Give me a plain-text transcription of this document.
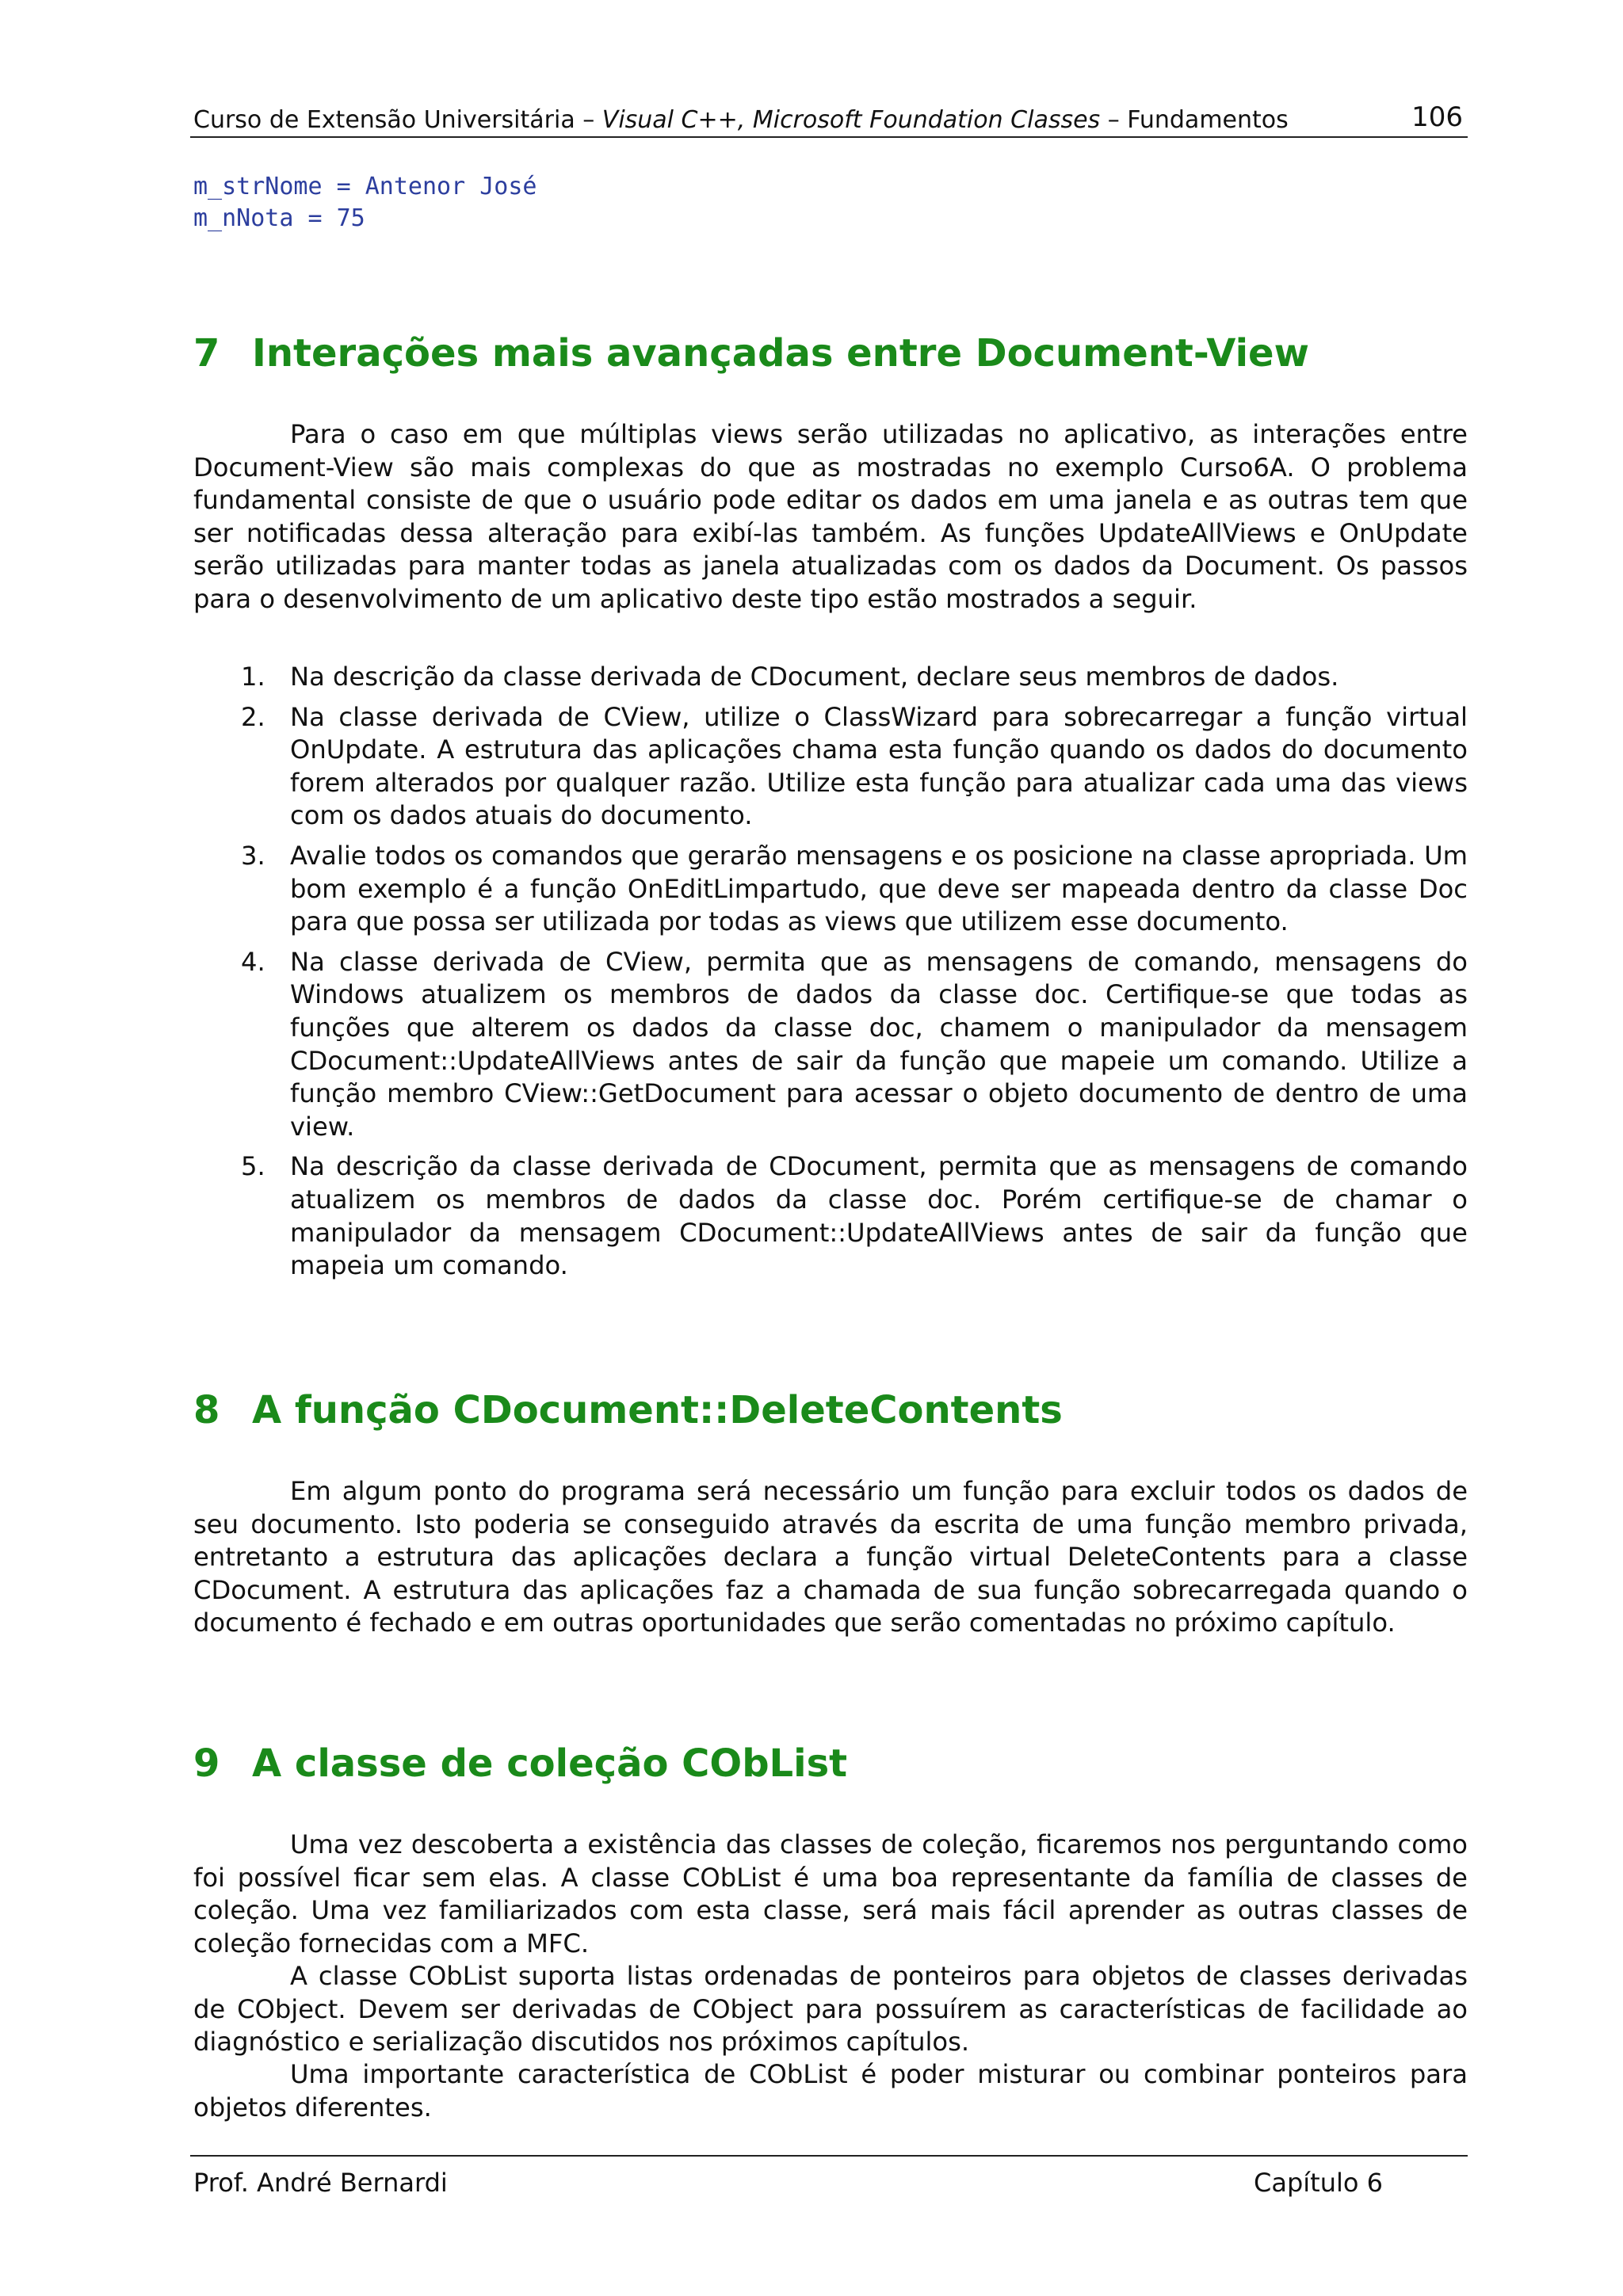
Curso de Extensão Universitária – Visual C++, Microsoft Foundation Classes – Fundamentos	106
m_strNome = Antenor José
m_nNota = 75
7 Interações mais avançadas entre Document-View

Para o caso em que múltiplas views serão utilizadas no aplicativo, as interações entre Document-View são mais complexas do que as mostradas no exemplo Curso6A. O problema fundamental consiste de que o usuário pode editar os dados em uma janela e as outras tem que ser notificadas dessa alteração para exibí-las também. As funções UpdateAllViews e OnUpdate serão utilizadas para manter todas as janela atualizadas com os dados da Document. Os passos para o desenvolvimento de um aplicativo deste tipo estão mostrados a seguir.

1. Na descrição da classe derivada de CDocument, declare seus membros de dados.
2. Na classe derivada de CView, utilize o ClassWizard para sobrecarregar a função virtual OnUpdate. A estrutura das aplicações chama esta função quando os dados do documento forem alterados por qualquer razão. Utilize esta função para atualizar cada uma das views com os dados atuais do documento.
3. Avalie todos os comandos que gerarão mensagens e os posicione na classe apropriada. Um bom exemplo é a função OnEditLimpartudo, que deve ser mapeada dentro da classe Doc para que possa ser utilizada por todas as views que utilizem esse documento.
4. Na classe derivada de CView, permita que as mensagens de comando, mensagens do Windows atualizem os membros de dados da classe doc. Certifique-se que todas as funções que alterem os dados da classe doc, chamem o manipulador da mensagem CDocument::UpdateAllViews antes de sair da função que mapeie um comando. Utilize a função membro CView::GetDocument para acessar o objeto documento de dentro de uma view.
5. Na descrição da classe derivada de CDocument, permita que as mensagens de comando atualizem os membros de dados da classe doc. Porém certifique-se de chamar o manipulador da mensagem CDocument::UpdateAllViews antes de sair da função que mapeia um comando.
8 A função CDocument::DeleteContents

Em algum ponto do programa será necessário um função para excluir todos os dados de seu documento. Isto poderia se conseguido através da escrita de uma função membro privada, entretanto a estrutura das aplicações declara a função virtual DeleteContents para a classe CDocument. A estrutura das aplicações faz a chamada de sua função sobrecarregada quando o documento é fechado e em outras oportunidades que serão comentadas no próximo capítulo.

9 A classe de coleção CObList

Uma vez descoberta a existência das classes de coleção, ficaremos nos perguntando como foi possível ficar sem elas. A classe CObList é uma boa representante da família de classes de coleção. Uma vez familiarizados com esta classe, será mais fácil aprender as outras classes de coleção fornecidas com a MFC.

A classe CObList suporta listas ordenadas de ponteiros para objetos de classes derivadas de CObject. Devem ser derivadas de CObject para possuírem as características de facilidade ao diagnóstico e serialização discutidos nos próximos capítulos.

Uma importante característica de CObList é poder misturar ou combinar ponteiros para objetos diferentes.

Prof. André Bernardi	Capítulo 6
